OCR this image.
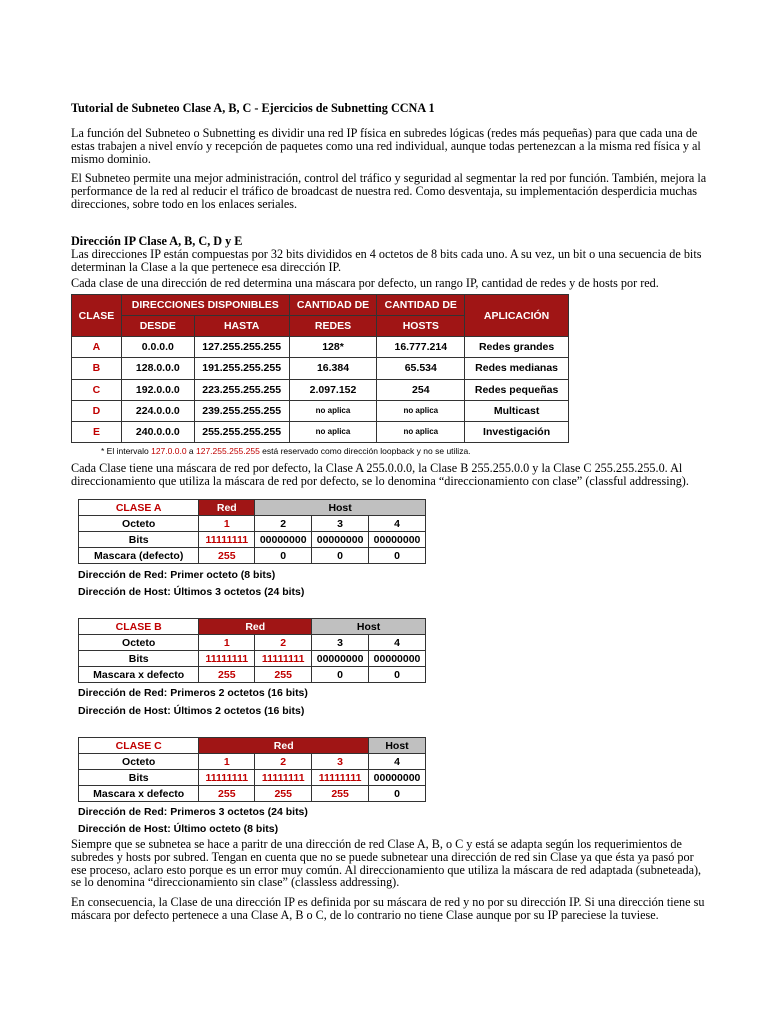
Tutorial de Subneteo Clase A, B, C - Ejercicios de Subnetting CCNA 1
La función del Subneteo o Subnetting es dividir una red IP física en subredes lógicas (redes más pequeñas) para que cada una de estas trabajen a nivel envío y recepción de paquetes como una red individual, aunque todas pertenezcan a la misma red física y al mismo dominio.
El Subneteo permite una mejor administración, control del tráfico y seguridad al segmentar la red por función. También, mejora la performance de la red al reducir el tráfico de broadcast de nuestra red. Como desventaja, su implementación desperdicia muchas direcciones, sobre todo en los enlaces seriales.
Dirección IP Clase A, B, C, D y E
Las direcciones IP están compuestas por 32 bits divididos en 4 octetos de 8 bits cada uno. A su vez, un bit o una secuencia de bits determinan la Clase a la que pertenece esa dirección IP.
Cada clase de una dirección de red determina una máscara por defecto, un rango IP, cantidad de redes y de hosts por red.
CLASE	DIRECCIONES DISPONIBLES		CANTIDAD DE	CANTIDAD DE	APLICACIÓN
	DESDE	HASTA	REDES	HOSTS	
A	0.0.0.0	127.255.255.255	128*	16.777.214	Redes grandes
B	128.0.0.0	191.255.255.255	16.384	65.534	Redes medianas
C	192.0.0.0	223.255.255.255	2.097.152	254	Redes pequeñas
D	224.0.0.0	239.255.255.255	no aplica	no aplica	Multicast
E	240.0.0.0	255.255.255.255	no aplica	no aplica	Investigación
* El intervalo 127.0.0.0 a 127.255.255.255 está reservado como dirección loopback y no se utiliza.
Cada Clase tiene una máscara de red por defecto, la Clase A 255.0.0.0, la Clase B 255.255.0.0 y la Clase C 255.255.255.0. Al direccionamiento que utiliza la máscara de red por defecto, se lo denomina “direccionamiento con clase” (classful addressing).
CLASE A	Red	Host		
Octeto	1	2	3	4
Bits	11111111	00000000	00000000	00000000
Mascara (defecto)	255	0	0	0
Dirección de Red: Primer octeto (8 bits)
Dirección de Host: Últimos 3 octetos (24 bits)
CLASE B	Red		Host	
Octeto	1	2	3	4
Bits	11111111	11111111	00000000	00000000
Mascara x defecto	255	255	0	0
Dirección de Red: Primeros 2 octetos (16 bits)
Dirección de Host: Últimos 2 octetos (16 bits)
CLASE C	Red			Host
Octeto	1	2	3	4
Bits	11111111	11111111	11111111	00000000
Mascara x defecto	255	255	255	0
Dirección de Red: Primeros 3 octetos (24 bits)
Dirección de Host: Último octeto (8 bits)
Siempre que se subnetea se hace a paritr de una dirección de red Clase A, B, o C y está se adapta según los requerimientos de subredes y hosts por subred. Tengan en cuenta que no se puede subnetear una dirección de red sin Clase ya que ésta ya pasó por ese proceso, aclaro esto porque es un error muy común. Al direccionamiento que utiliza la máscara de red adaptada (subneteada), se lo denomina “direccionamiento sin clase” (classless addressing).
En consecuencia, la Clase de una dirección IP es definida por su máscara de red y no por su dirección IP. Si una dirección tiene su máscara por defecto pertenece a una Clase A, B o C, de lo contrario no tiene Clase aunque por su IP pareciese la tuviese.
